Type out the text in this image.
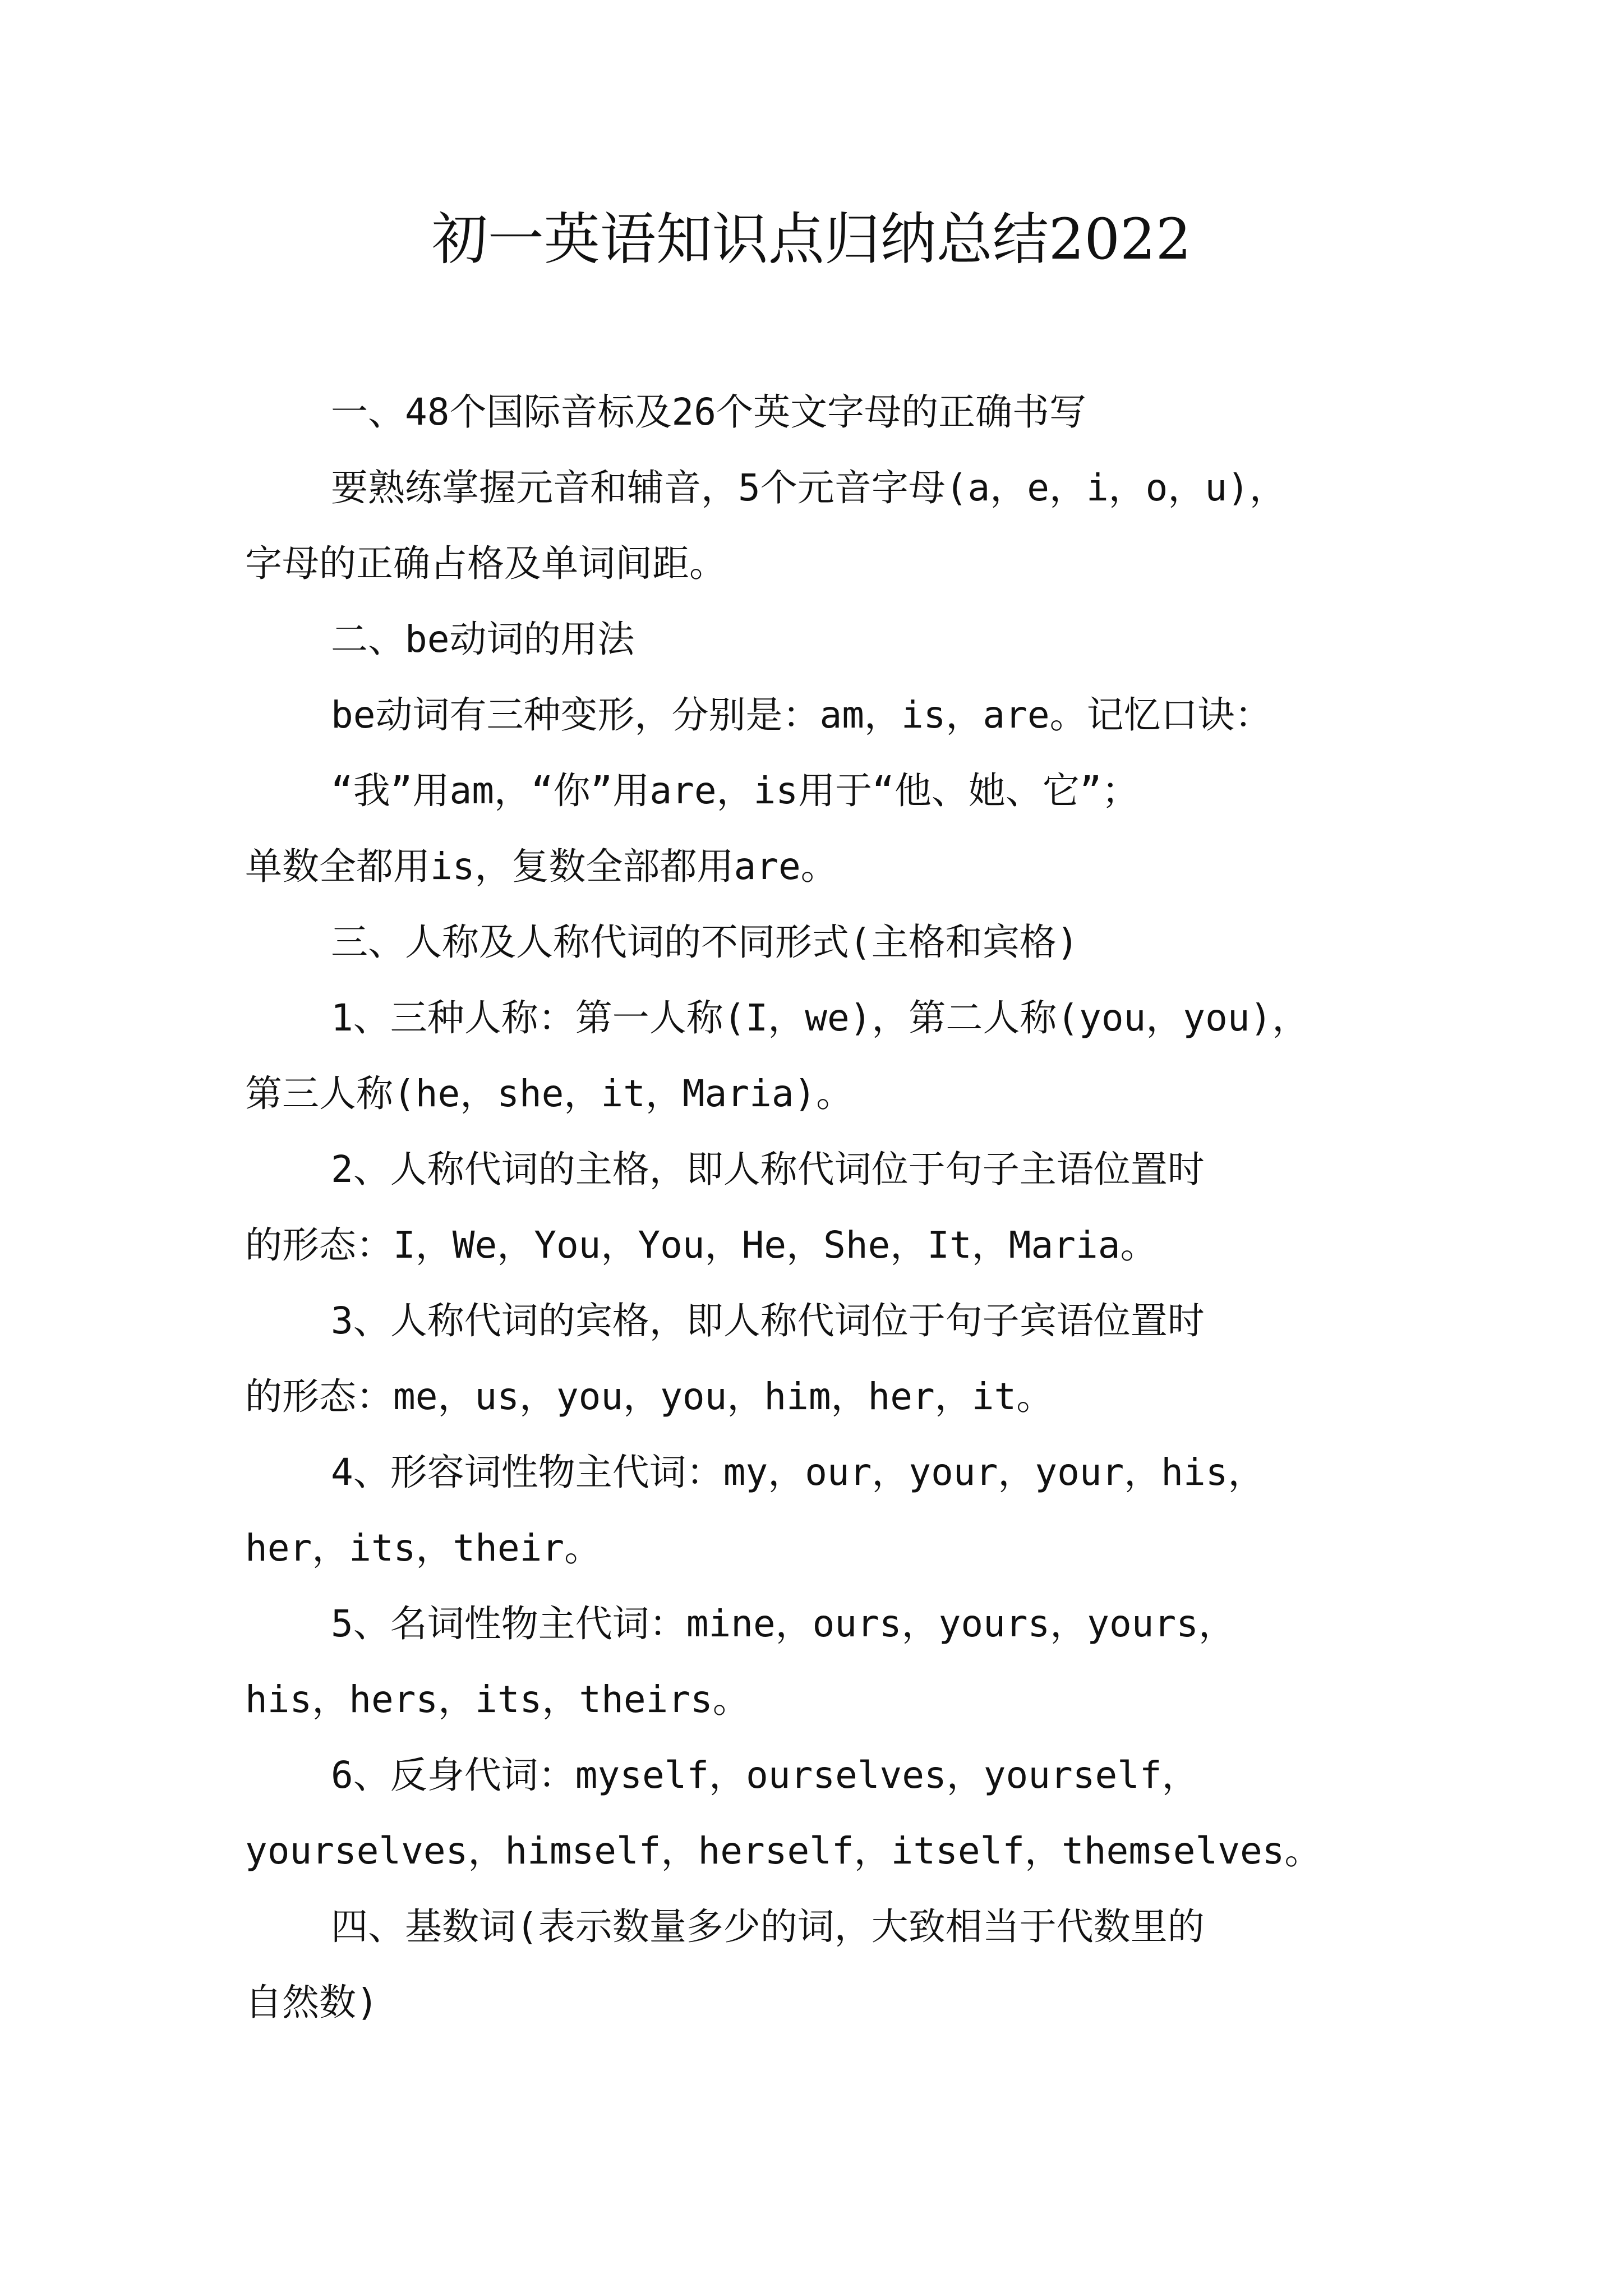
初一英语知识点归纳总结2022
一、48个国际音标及26个英文字母的正确书写
要熟练掌握元音和辅音，5个元音字母(a，e，i，o，u)，
字母的正确占格及单词间距。
二、be动词的用法
be动词有三种变形，分别是：am，is，are。记忆口诀：
“我”用am，“你”用are，is用于“他、她、它”；
单数全都用is，复数全部都用are。
三、人称及人称代词的不同形式(主格和宾格)
1、三种人称：第一人称(I，we)，第二人称(you，you)，
第三人称(he，she，it，Maria)。
2、人称代词的主格，即人称代词位于句子主语位置时
的形态：I，We，You，You，He，She，It，Maria。
3、人称代词的宾格，即人称代词位于句子宾语位置时
的形态：me，us，you，you，him，her，it。
4、形容词性物主代词：my，our，your，your，his，
her，its，their。
5、名词性物主代词：mine，ours，yours，yours，
his，hers，its，theirs。
6、反身代词：myself，ourselves，yourself，
yourselves，himself，herself，itself，themselves。
四、基数词(表示数量多少的词，大致相当于代数里的
自然数)
